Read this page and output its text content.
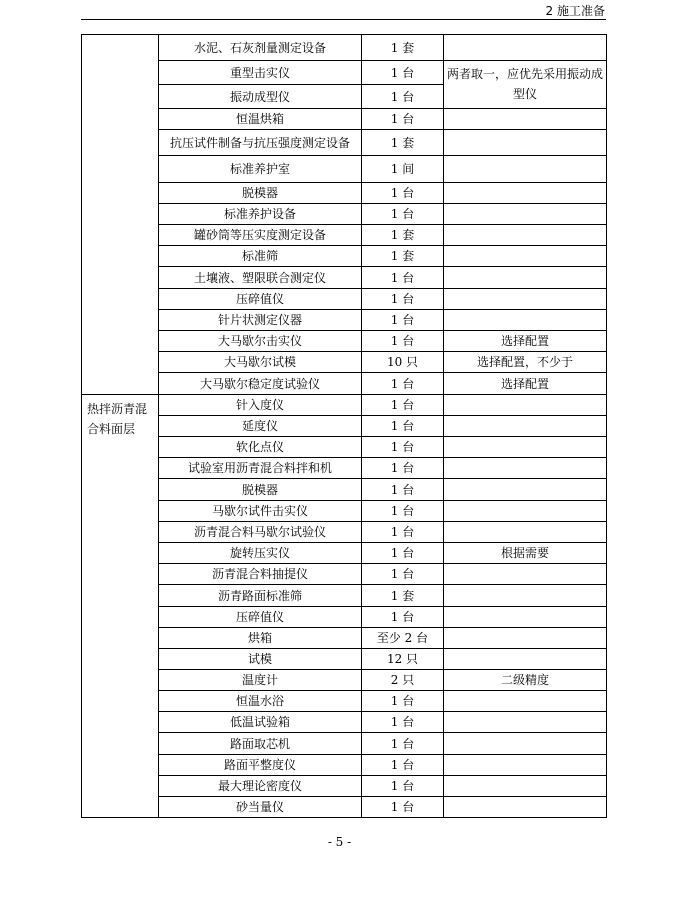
2 施工准备
	水泥、石灰剂量测定设备	1 套	
	重型击实仪	1 台	两者取一，应优先采用振动成型仪
	振动成型仪	1 台	
	恒温烘箱	1 台	
	抗压试件制备与抗压强度测定设备	1 套	
	标准养护室	1 间	
	脱模器	1 台	
	标准养护设备	1 台	
	罐砂筒等压实度测定设备	1 套	
	标准筛	1 套	
	土壤液、塑限联合测定仪	1 台	
	压碎值仪	1 台	
	针片状测定仪器	1 台	
	大马歇尔击实仪	1 台	选择配置
	大马歇尔试模	10 只	选择配置，不少于
	大马歇尔稳定度试验仪	1 台	选择配置
热拌沥青混合料面层	针入度仪	1 台	
	延度仪	1 台	
	软化点仪	1 台	
	试验室用沥青混合料拌和机	1 台	
	脱模器	1 台	
	马歇尔试件击实仪	1 台	
	沥青混合料马歇尔试验仪	1 台	
	旋转压实仪	1 台	根据需要
	沥青混合料抽提仪	1 台	
	沥青路面标准筛	1 套	
	压碎值仪	1 台	
	烘箱	至少 2 台	
	试模	12 只	
	温度计	2 只	二级精度
	恒温水浴	1 台	
	低温试验箱	1 台	
	路面取芯机	1 台	
	路面平整度仪	1 台	
	最大理论密度仪	1 台	
	砂当量仪	1 台	
- 5 -
